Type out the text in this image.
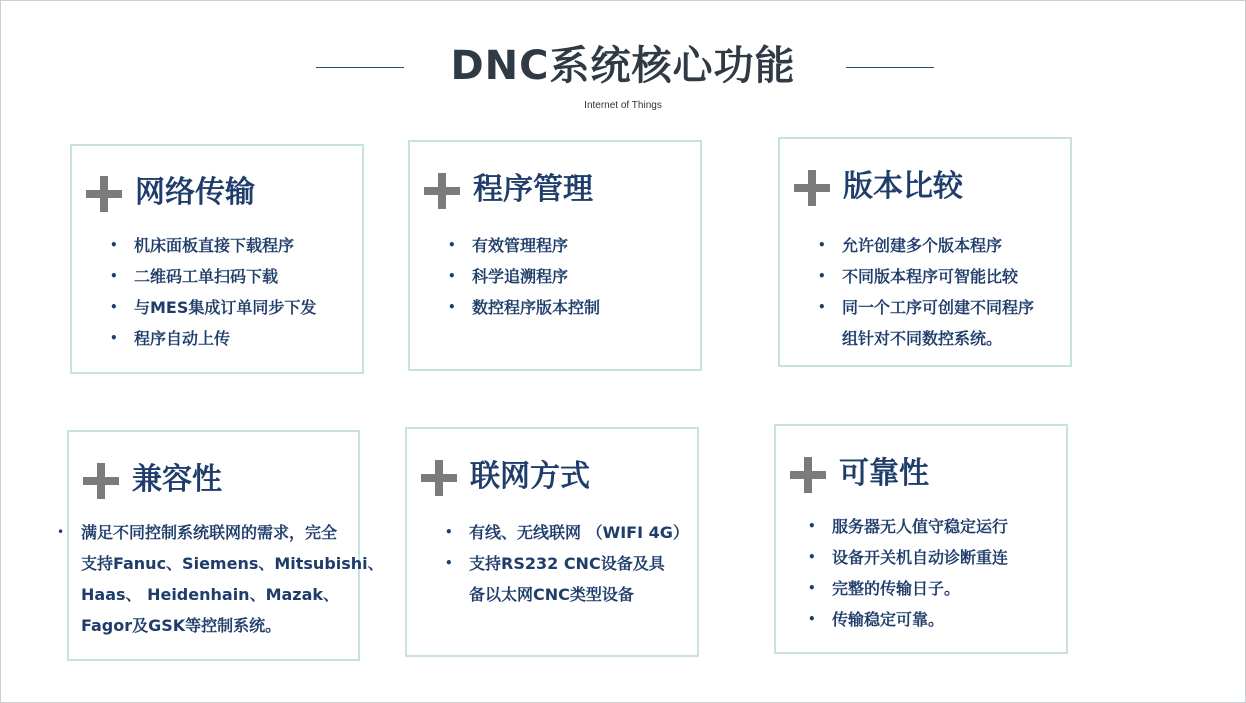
DNC系统核心功能
Internet of Things
网络传输
• 机床面板直接下载程序
• 二维码工单扫码下载
• 与MES集成订单同步下发
• 程序自动上传
程序管理
• 有效管理程序
• 科学追溯程序
• 数控程序版本控制
版本比较
• 允许创建多个版本程序
• 不同版本程序可智能比较
• 同一个工序可创建不同程序
组针对不同数控系统。
兼容性
• 满足不同控制系统联网的需求，完全
支持Fanuc、Siemens、Mitsubishi、
Haas、 Heidenhain、Mazak、
Fagor及GSK等控制系统。
联网方式
• 有线、无线联网 （WIFI 4G）
• 支持RS232 CNC设备及具
备以太网CNC类型设备
可靠性
• 服务器无人值守稳定运行
• 设备开关机自动诊断重连
• 完整的传输日子。
• 传输稳定可靠。
